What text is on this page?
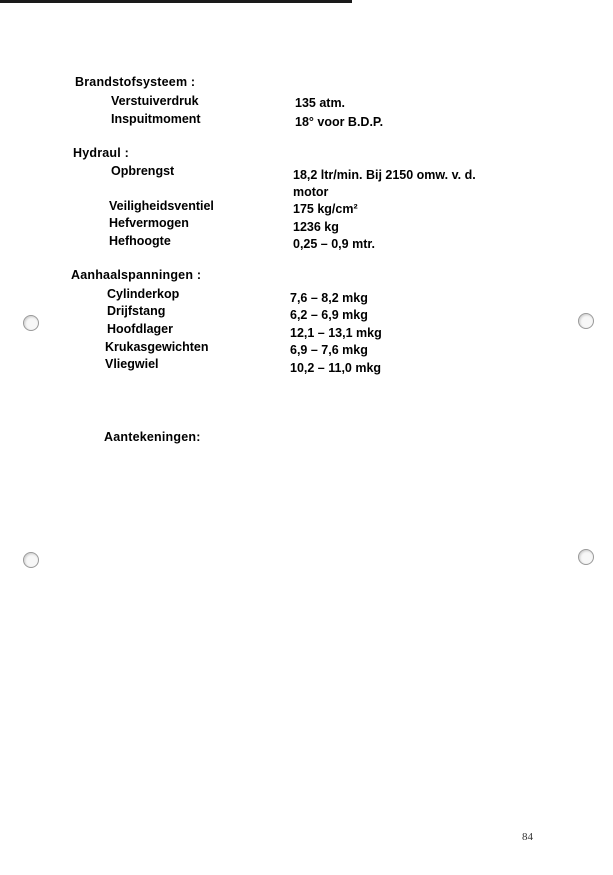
Brandstofsysteem :
Verstuiverdruk	135 atm.
Inspuitmoment	18° voor B.D.P.
Hydraul :
Opbrengst	18,2 ltr/min. Bij 2150 omw. v. d.
motor
Veiligheidsventiel	175 kg/cm²
Hefvermogen	1236 kg
Hefhoogte	0,25 – 0,9 mtr.
Aanhaalspanningen :
Cylinderkop	7,6 – 8,2 mkg
Drijfstang	6,2 – 6,9 mkg
Hoofdlager	12,1 – 13,1 mkg
Krukasgewichten	6,9 – 7,6 mkg
Vliegwiel	10,2 – 11,0 mkg
Aantekeningen:
84
